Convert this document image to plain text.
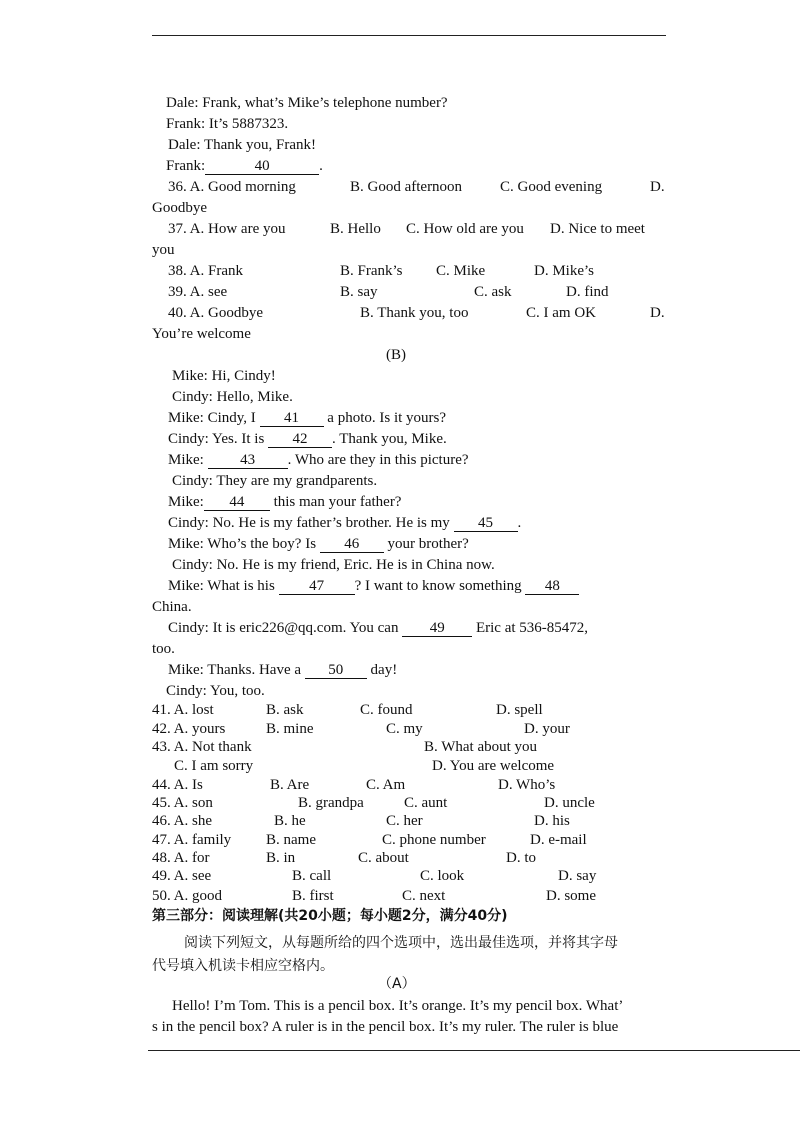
Dale: Frank, what’s Mike’s telephone number?
Frank: It’s 5887323.
Dale: Thank you, Frank!
Frank:	40	.
36. A. Good morning	B. Good afternoon	C. Good evening	D.
Goodbye
37. A. How are you	B. Hello C. How old are you D. Nice to meet
you
38. A. Frank	B. Frank’s C. Mike	D. Mike’s
39. A. see	B. say	C. ask	D. find
40. A. Goodbye	B. Thank you, too	C. I am OK	D.
You’re welcome
(B)
Mike: Hi, Cindy!
Cindy: Hello, Mike.
Mike: Cindy, I 41 a photo. Is it yours?
Cindy: Yes. It is 42 . Thank you, Mike.
Mike: 43 . Who are they in this picture?
Cindy: They are my grandparents.
Mike: 44 this man your father?
Cindy: No. He is my father’s brother. He is my 45 .
Mike: Who’s the boy? Is 46 your brother?
Cindy: No. He is my friend, Eric. He is in China now.
Mike: What is his 47 ? I want to know something 48
China.
Cindy: It is eric226@qq.com. You can 49 Eric at 536-85472,
too.
Mike: Thanks. Have a 50 day!
Cindy: You, too.
41. A. lost	B. ask	C. found	D. spell
42. A. yours	B. mine	C. my	D. your
43. A. Not thank	B. What about you
C. I am sorry	D. You are welcome
44. A. Is	B. Are	C. Am	D. Who’s
45. A. son	B. grandpa	C. aunt	D. uncle
46. A. she	B. he	C. her	D. his
47. A. family B. name	C. phone number	D. e-mail
48. A. for	B. in	C. about	D. to
49. A. see	B. call	C. look	D. say
50. A. good	B. first	C. next	D. some
第三部分：阅读理解(共20小题；每小题2分，满分40分)
阅读下列短文，从每题所给的四个选项中，选出最佳选项，并将其字母
代号填入机读卡相应空格内。
（A）
Hello! I’m Tom. This is a pencil box. It’s orange. It’s my pencil box. What’
s in the pencil box? A ruler is in the pencil box. It’s my ruler. The ruler is blue
